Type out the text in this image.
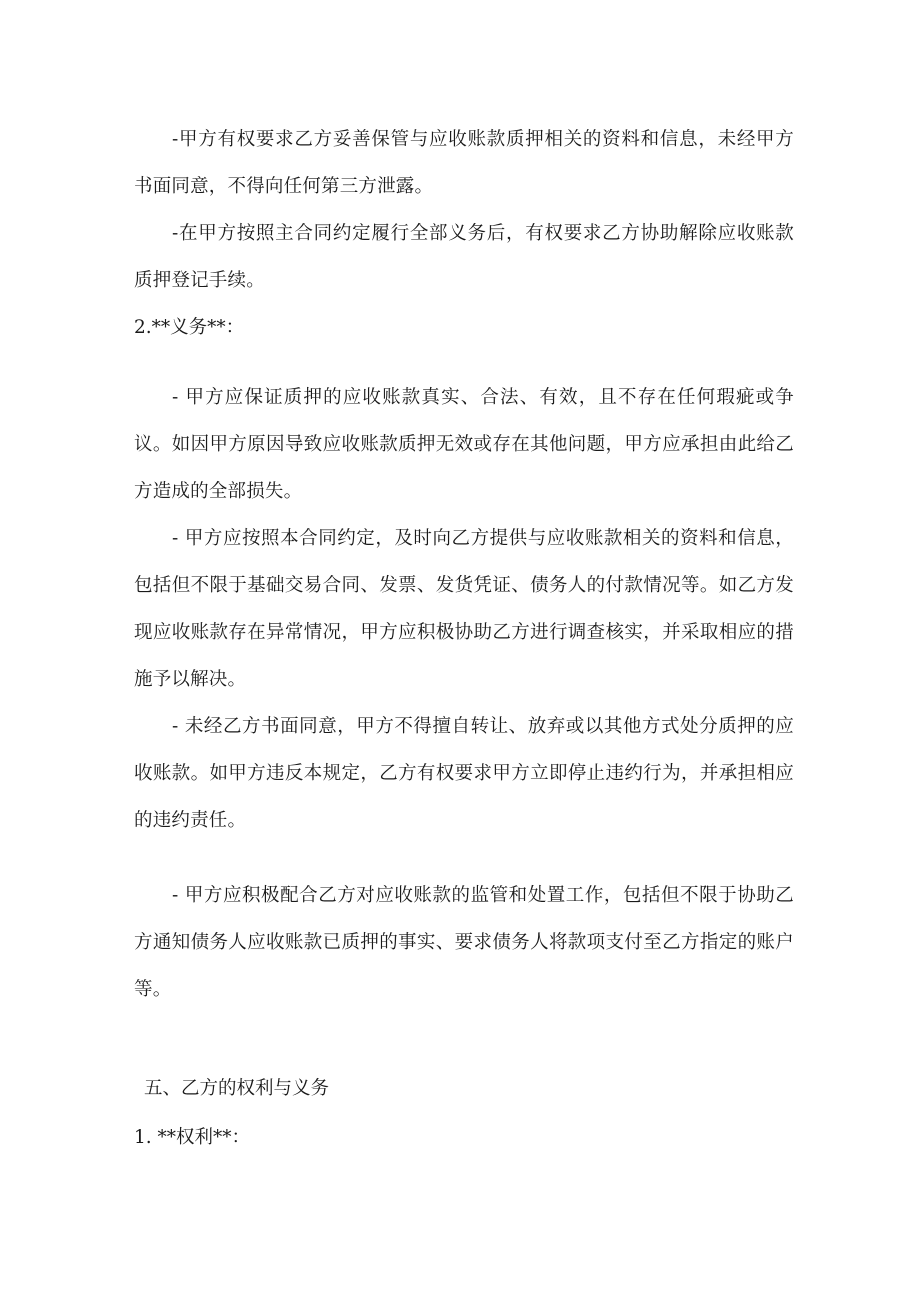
-甲方有权要求乙方妥善保管与应收账款质押相关的资料和信息，未经甲方书面同意，不得向任何第三方泄露。

-在甲方按照主合同约定履行全部义务后，有权要求乙方协助解除应收账款质押登记手续。

2.**义务**：

- 甲方应保证质押的应收账款真实、合法、有效，且不存在任何瑕疵或争议。如因甲方原因导致应收账款质押无效或存在其他问题，甲方应承担由此给乙方造成的全部损失。

- 甲方应按照本合同约定，及时向乙方提供与应收账款相关的资料和信息，包括但不限于基础交易合同、发票、发货凭证、债务人的付款情况等。如乙方发现应收账款存在异常情况，甲方应积极协助乙方进行调查核实，并采取相应的措施予以解决。

- 未经乙方书面同意，甲方不得擅自转让、放弃或以其他方式处分质押的应收账款。如甲方违反本规定，乙方有权要求甲方立即停止违约行为，并承担相应的违约责任。

- 甲方应积极配合乙方对应收账款的监管和处置工作，包括但不限于协助乙方通知债务人应收账款已质押的事实、要求债务人将款项支付至乙方指定的账户等。

五、乙方的权利与义务

1. **权利**：
